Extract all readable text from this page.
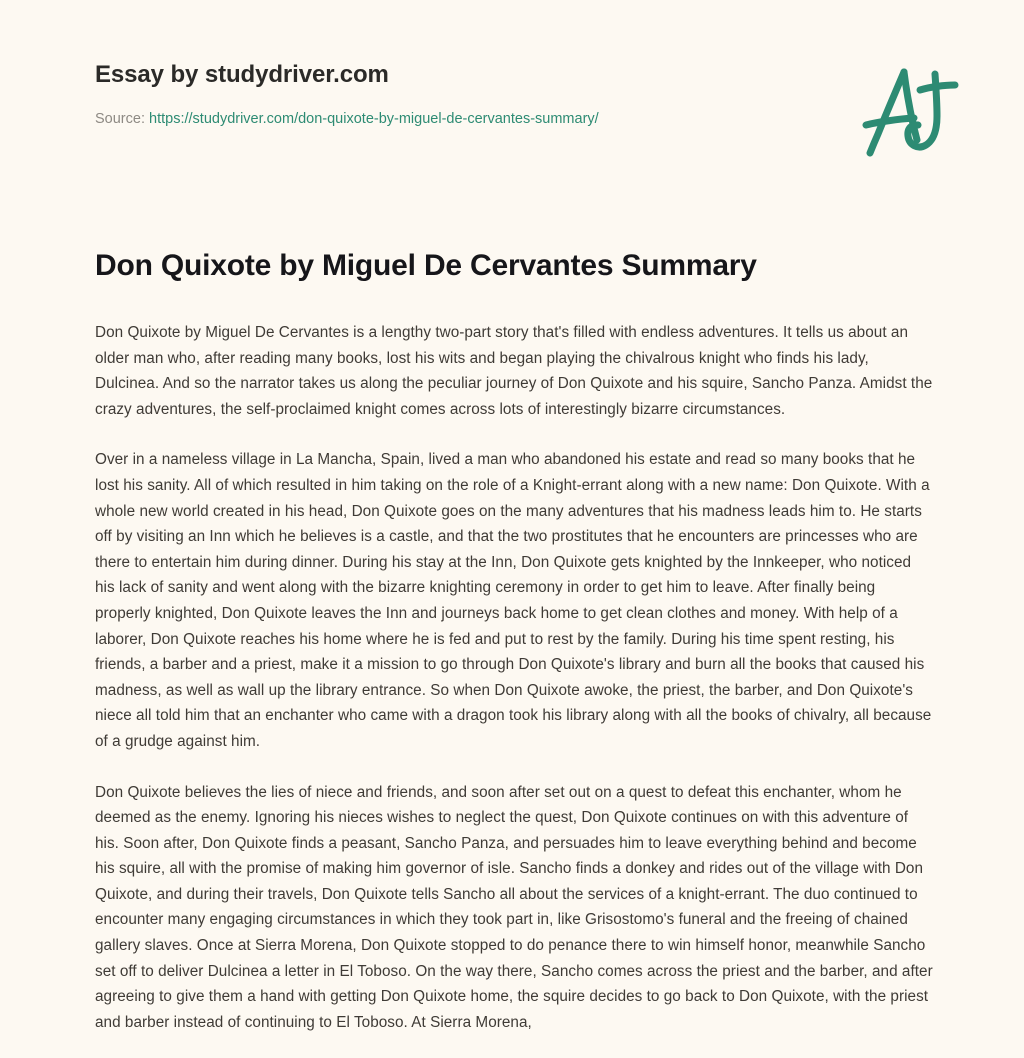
Essay by studydriver.com
Source: https://studydriver.com/don-quixote-by-miguel-de-cervantes-summary/
Don Quixote by Miguel De Cervantes Summary

Don Quixote by Miguel De Cervantes is a lengthy two-part story that's filled with endless adventures. It tells us about an older man who, after reading many books, lost his wits and began playing the chivalrous knight who finds his lady, Dulcinea. And so the narrator takes us along the peculiar journey of Don Quixote and his squire, Sancho Panza. Amidst the crazy adventures, the self-proclaimed knight comes across lots of interestingly bizarre circumstances.

Over in a nameless village in La Mancha, Spain, lived a man who abandoned his estate and read so many books that he lost his sanity. All of which resulted in him taking on the role of a Knight-errant along with a new name: Don Quixote. With a whole new world created in his head, Don Quixote goes on the many adventures that his madness leads him to. He starts off by visiting an Inn which he believes is a castle, and that the two prostitutes that he encounters are princesses who are there to entertain him during dinner. During his stay at the Inn, Don Quixote gets knighted by the Innkeeper, who noticed his lack of sanity and went along with the bizarre knighting ceremony in order to get him to leave. After finally being properly knighted, Don Quixote leaves the Inn and journeys back home to get clean clothes and money. With help of a laborer, Don Quixote reaches his home where he is fed and put to rest by the family. During his time spent resting, his friends, a barber and a priest, make it a mission to go through Don Quixote's library and burn all the books that caused his madness, as well as wall up the library entrance. So when Don Quixote awoke, the priest, the barber, and Don Quixote's niece all told him that an enchanter who came with a dragon took his library along with all the books of chivalry, all because of a grudge against him.

Don Quixote believes the lies of niece and friends, and soon after set out on a quest to defeat this enchanter, whom he deemed as the enemy. Ignoring his nieces wishes to neglect the quest, Don Quixote continues on with this adventure of his. Soon after, Don Quixote finds a peasant, Sancho Panza, and persuades him to leave everything behind and become his squire, all with the promise of making him governor of isle. Sancho finds a donkey and rides out of the village with Don Quixote, and during their travels, Don Quixote tells Sancho all about the services of a knight-errant. The duo continued to encounter many engaging circumstances in which they took part in, like Grisostomo's funeral and the freeing of chained gallery slaves. Once at Sierra Morena, Don Quixote stopped to do penance there to win himself honor, meanwhile Sancho set off to deliver Dulcinea a letter in El Toboso. On the way there, Sancho comes across the priest and the barber, and after agreeing to give them a hand with getting Don Quixote home, the squire decides to go back to Don Quixote, with the priest and barber instead of continuing to El Toboso. At Sierra Morena,
